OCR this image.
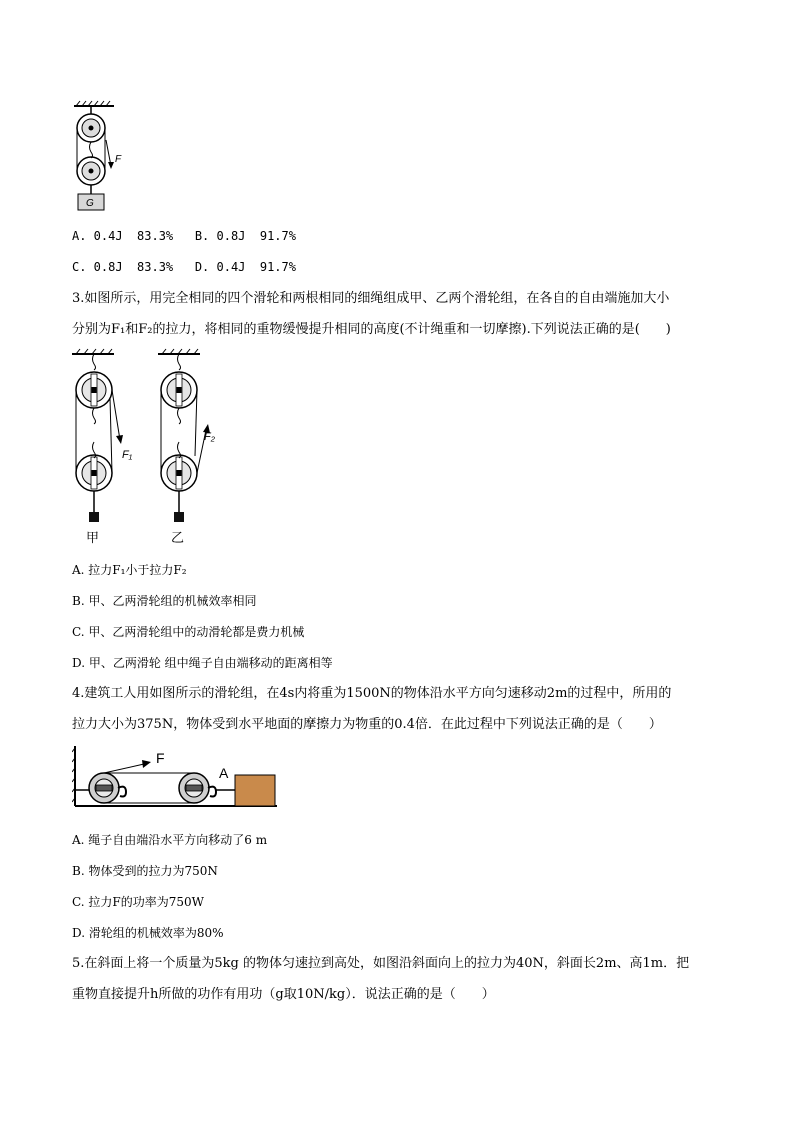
F
G
A. 0.4J  83.3%   B. 0.8J  91.7%
C. 0.8J  83.3%   D. 0.4J  91.7%
3.如图所示，用完全相同的四个滑轮和两根相同的细绳组成甲、乙两个滑轮组，在各自的自由端施加大小
分别为F₁和F₂的拉力，将相同的重物缓慢提升相同的高度(不计绳重和一切摩擦).下列说法正确的是(　　)
F₁
甲
F₂
乙
A. 拉力F₁小于拉力F₂
B. 甲、乙两滑轮组的机械效率相同
C. 甲、乙两滑轮组中的动滑轮都是费力机械
D. 甲、乙两滑轮 组中绳子自由端移动的距离相等
4.建筑工人用如图所示的滑轮组，在4s内将重为1500N的物体沿水平方向匀速移动2m的过程中，所用的
拉力大小为375N，物体受到水平地面的摩擦力为物重的0.4倍．在此过程中下列说法正确的是（　　）
F
A
A. 绳子自由端沿水平方向移动了6 m
B. 物体受到的拉力为750N
C. 拉力F的功率为750W
D. 滑轮组的机械效率为80%
5.在斜面上将一个质量为5kg 的物体匀速拉到高处，如图沿斜面向上的拉力为40N，斜面长2m、高1m．把
重物直接提升h所做的功作有用功（g取10N/kg）．说法正确的是（　　）
